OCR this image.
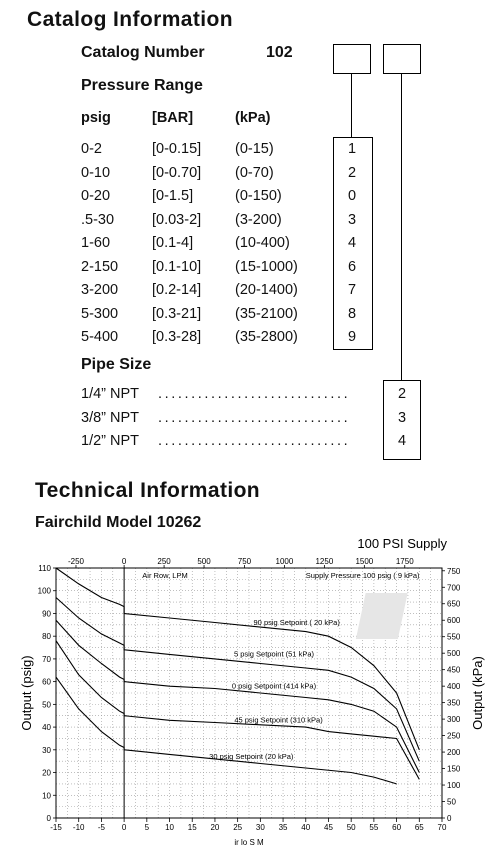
Catalog Information
Catalog Number	102
Pressure Range
psig	[BAR]	(kPa)
0-2	[0-0.15] (0-15)	1
0-10	[0-0.70] (0-70)	2
0-20	[0-1.5]	(0-150)	0
.5-30	[0.03-2] (3-200)	3
1-60	[0.1-4]	(10-400)	4
2-150 [0.1-10] (15-1000)	6
3-200 [0.2-14] (20-1400)	7
5-300 [0.3-21] (35-2100)	8
5-400 [0.3-28] (35-2800)	9
Pipe Size
1/4” NPT .............................	2
3/8” NPT .............................	3
1/2” NPT .............................	4
Technical Information
Fairchild Model 10262
-15 -10 -5 0 5 10 15 20 25 30 35 40 45 50 55 60 65 70
0
10
20
30
40
50
60
70
80
90
100
110
0
50
100
150
200
250
300
350
400
450
500
550
600
650
700
750
-250	0	250	500	750	1000	1250	1500	1750
100 PSI Supply
Air Row, LPM	Supply Pressure 100 psig ( 9 kPa)
ir lo S M
Output (psig)	Output (kPa)
90 psig Setpoint ( 20 kPa)
5 psig Setpoint (51 kPa)
0 psig Setpoint (414 kPa)
45 psig Setpoint (310 kPa)
30 psig Setpoint (20 kPa)
